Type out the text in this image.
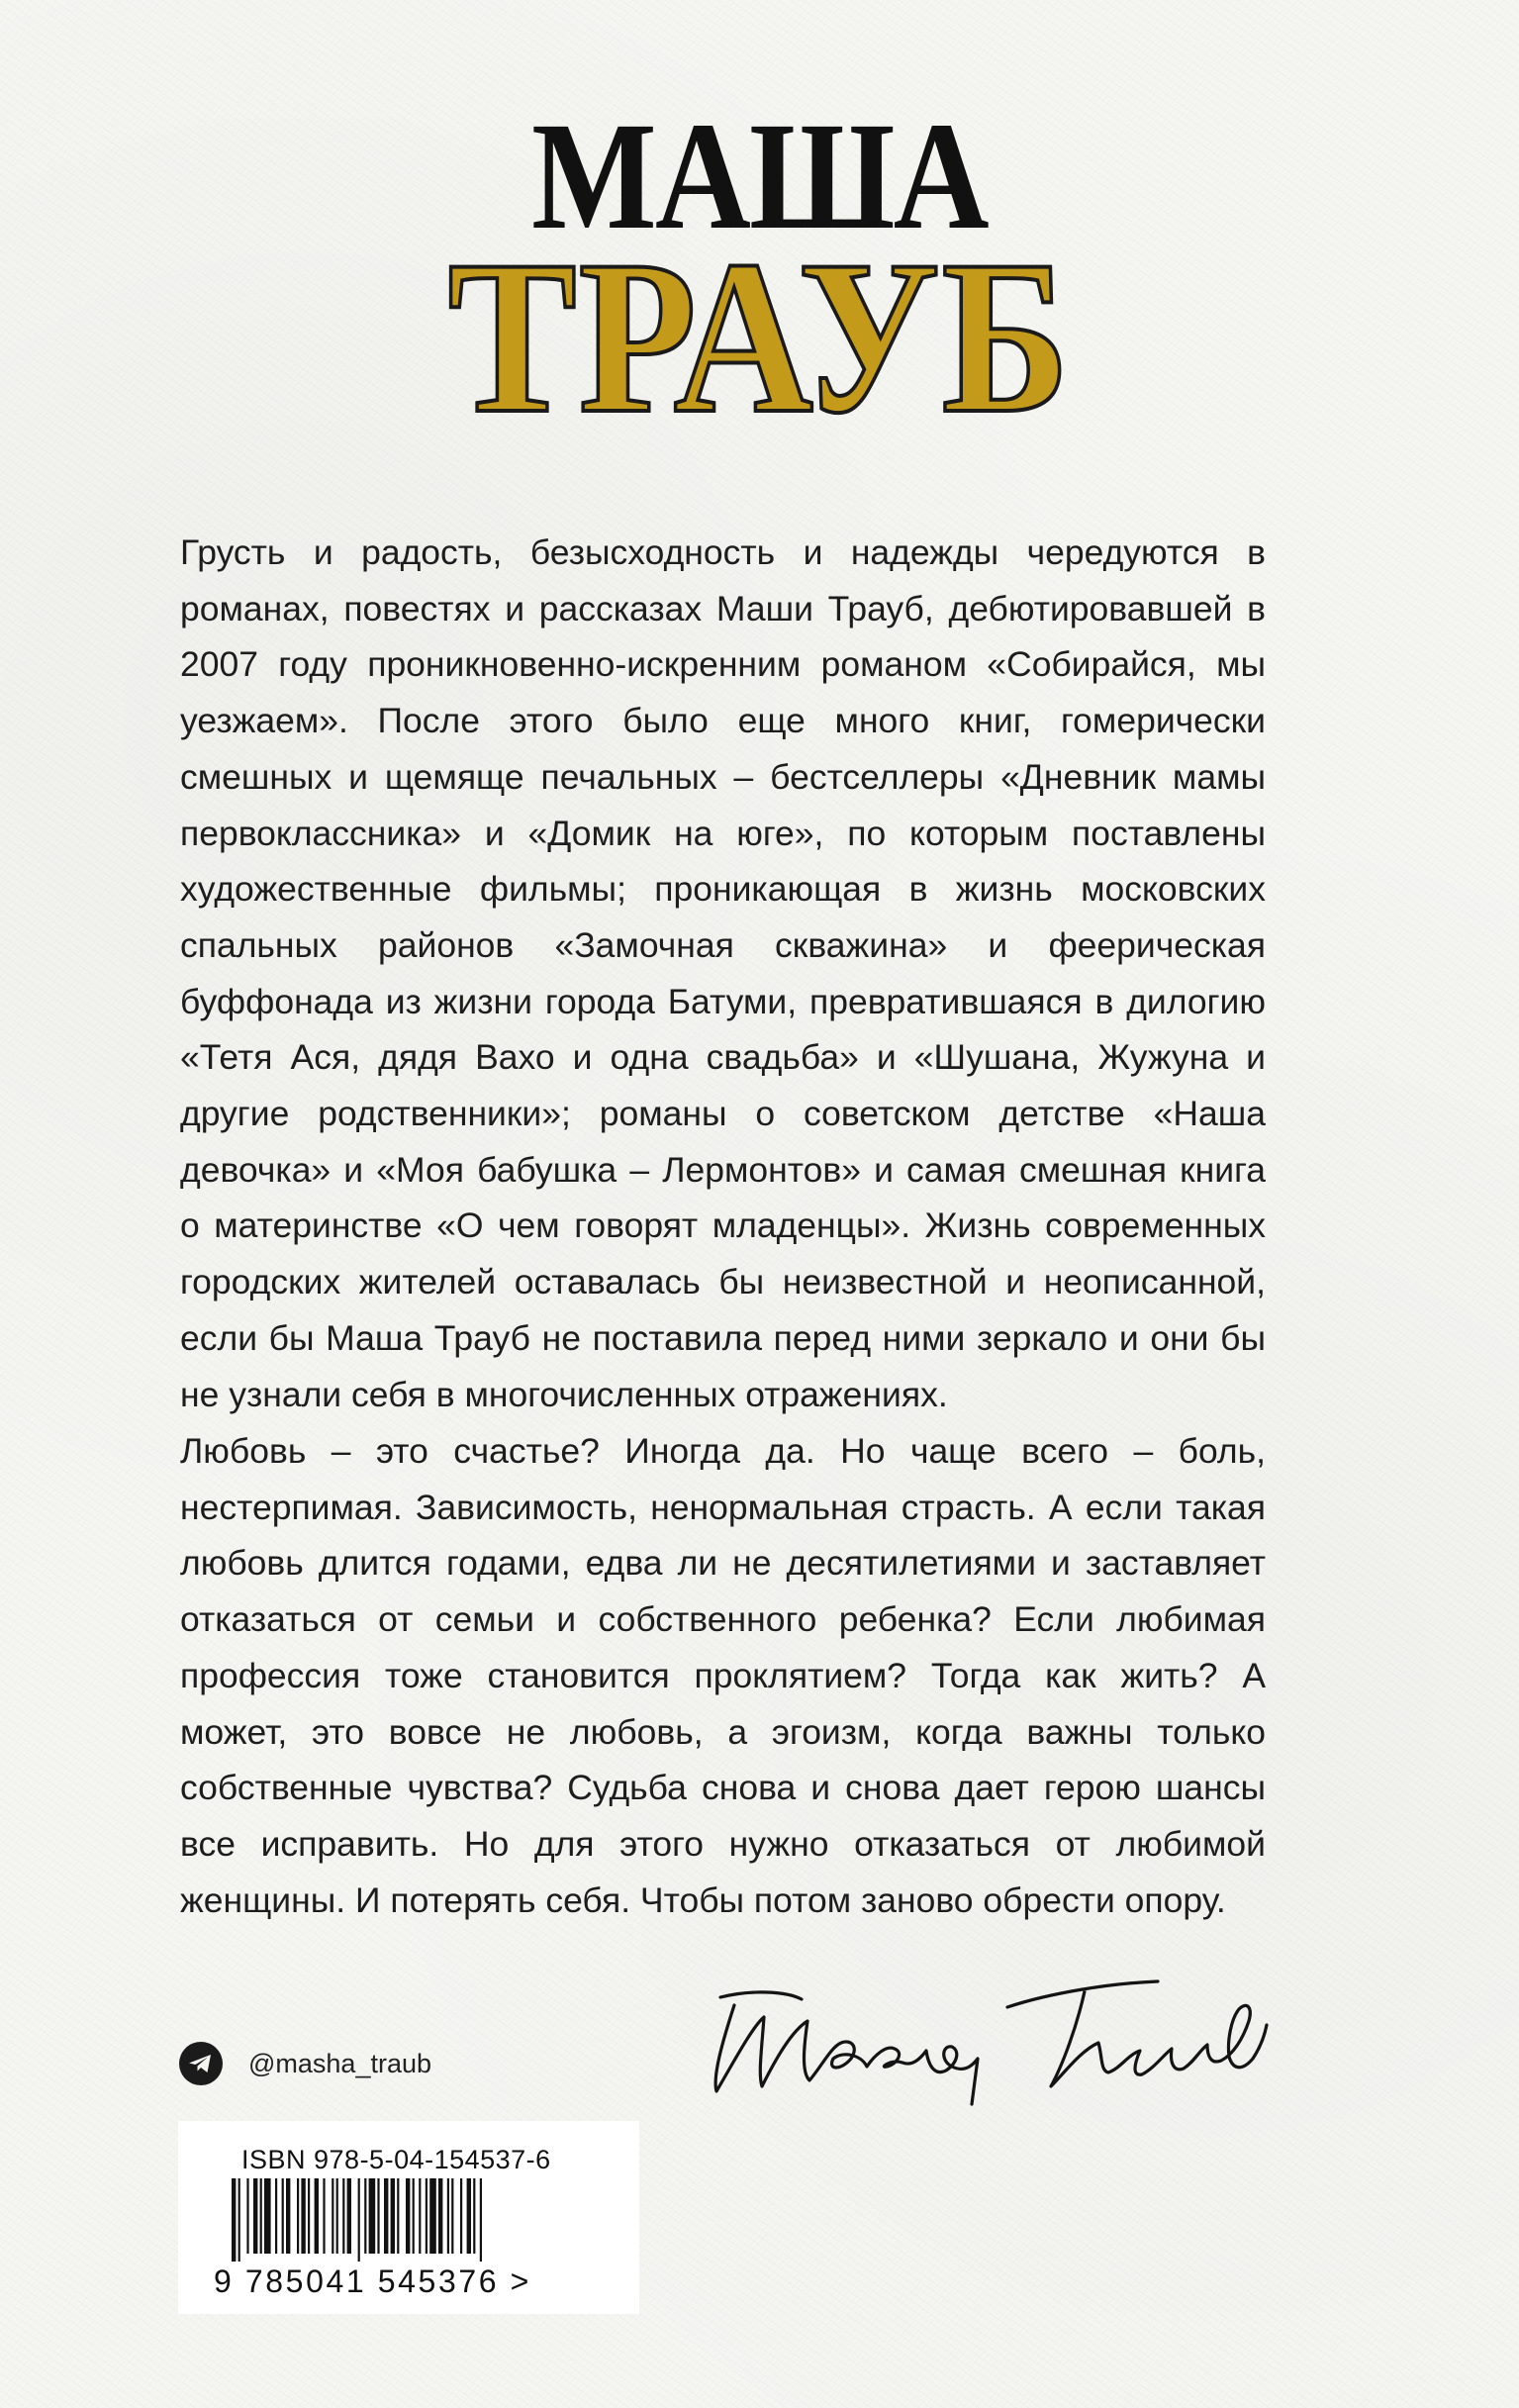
МАША
ТРАУБ

Грусть и радость, безысходность и надежды чередуются в романах, повестях и рассказах Маши Трауб, дебютировавшей в 2007 году проникновенно-искренним романом «Собирайся, мы уезжаем». После этого было еще много книг, гомерически смешных и щемяще печальных – бестселлеры «Дневник мамы первоклассника» и «Домик на юге», по которым поставлены художественные фильмы; проникающая в жизнь московских спальных районов «Замочная скважина» и феерическая буффонада из жизни города Батуми, превратившаяся в дилогию «Тетя Ася, дядя Вахо и одна свадьба» и «Шушана, Жужуна и другие родственники»; романы о советском детстве «Наша девочка» и «Моя бабушка – Лермонтов» и самая смешная книга о материнстве «О чем говорят младенцы». Жизнь современных городских жителей оставалась бы неизвестной и неописанной, если бы Маша Трауб не поставила перед ними зеркало и они бы не узнали себя в многочисленных отражениях.

Любовь – это счастье? Иногда да. Но чаще всего – боль, нестерпимая. Зависимость, ненормальная страсть. А если такая любовь длится годами, едва ли не десятилетиями и заставляет отказаться от семьи и собственного ребенка? Если любимая профессия тоже становится проклятием? Тогда как жить? А может, это вовсе не любовь, а эгоизм, когда важны только собственные чувства? Судьба снова и снова дает герою шансы все исправить. Но для этого нужно отказаться от любимой женщины. И потерять себя. Чтобы потом заново обрести опору.

@masha_traub
ISBN 978-5-04-154537-6
9 785041 545376 >
